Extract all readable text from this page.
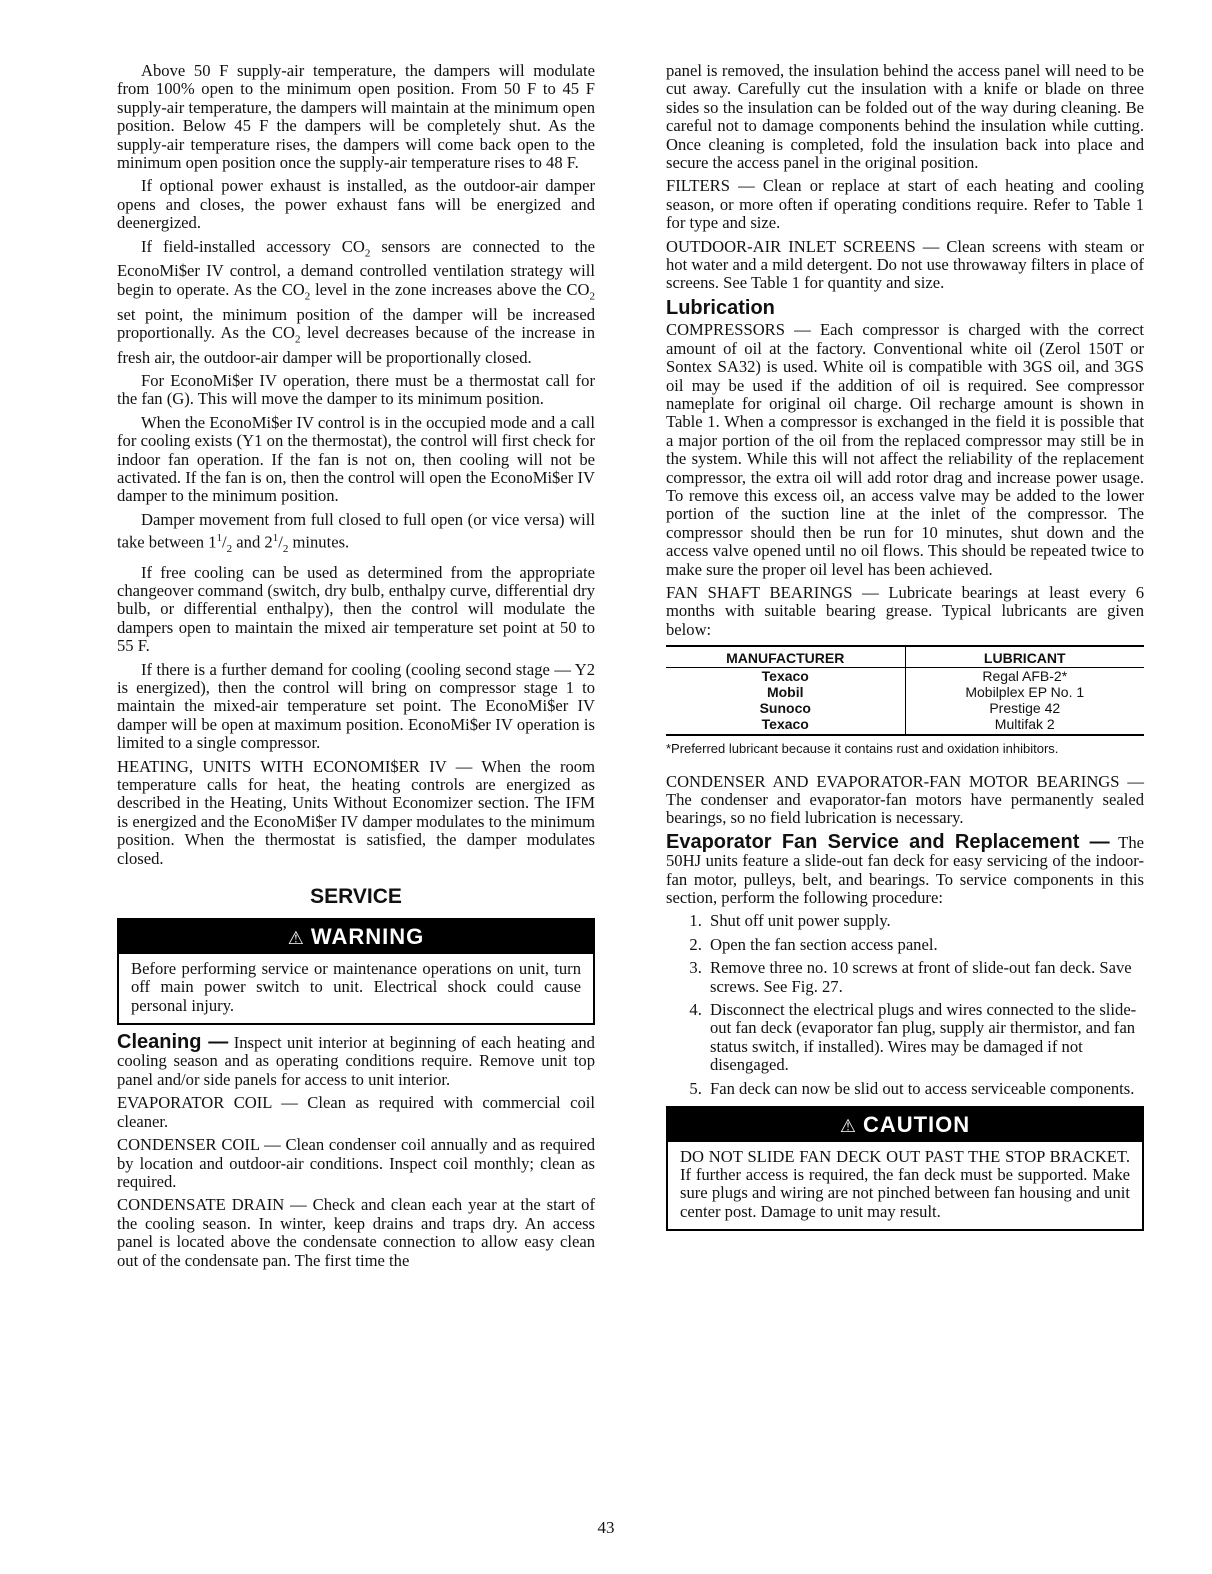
Above 50 F supply-air temperature, the dampers will modulate from 100% open to the minimum open position. From 50 F to 45 F supply-air temperature, the dampers will maintain at the minimum open position. Below 45 F the dampers will be completely shut. As the supply-air temperature rises, the dampers will come back open to the minimum open position once the supply-air temperature rises to 48 F.

If optional power exhaust is installed, as the outdoor-air damper opens and closes, the power exhaust fans will be energized and deenergized.

If field-installed accessory $CO_2$ sensors are connected to the EconoMi$er IV control, a demand controlled ventilation strategy will begin to operate. As the $CO_2$ level in the zone increases above the $CO_2$ set point, the minimum position of the damper will be increased proportionally. As the $CO_2$ level decreases because of the increase in fresh air, the outdoor-air damper will be proportionally closed.

For EconoMi$er IV operation, there must be a thermostat call for the fan (G). This will move the damper to its minimum position.

When the EconoMi$er IV control is in the occupied mode and a call for cooling exists (Y1 on the thermostat), the control will first check for indoor fan operation. If the fan is not on, then cooling will not be activated. If the fan is on, then the control will open the EconoMi$er IV damper to the minimum position.

Damper movement from full closed to full open (or vice versa) will take between $1^1/_2$ and $2^1/_2$ minutes.

If free cooling can be used as determined from the appropriate changeover command (switch, dry bulb, enthalpy curve, differential dry bulb, or differential enthalpy), then the control will modulate the dampers open to maintain the mixed air temperature set point at 50 to 55 F.

If there is a further demand for cooling (cooling second stage — Y2 is energized), then the control will bring on compressor stage 1 to maintain the mixed-air temperature set point. The EconoMi$er IV damper will be open at maximum position. EconoMi$er IV operation is limited to a single compressor.

HEATING, UNITS WITH ECONOMI$ER IV — When the room temperature calls for heat, the heating controls are energized as described in the Heating, Units Without Economizer section. The IFM is energized and the EconoMi$er IV damper modulates to the minimum position. When the thermostat is satisfied, the damper modulates closed.

SERVICE
⚠ WARNING
Before performing service or maintenance operations on unit, turn off main power switch to unit. Electrical shock could cause personal injury.

Cleaning — Inspect unit interior at beginning of each heating and cooling season and as operating conditions require. Remove unit top panel and/or side panels for access to unit interior.

EVAPORATOR COIL — Clean as required with commercial coil cleaner.

CONDENSER COIL — Clean condenser coil annually and as required by location and outdoor-air conditions. Inspect coil monthly; clean as required.

CONDENSATE DRAIN — Check and clean each year at the start of the cooling season. In winter, keep drains and traps dry. An access panel is located above the condensate connection to allow easy clean out of the condensate pan. The first time the

panel is removed, the insulation behind the access panel will need to be cut away. Carefully cut the insulation with a knife or blade on three sides so the insulation can be folded out of the way during cleaning. Be careful not to damage components behind the insulation while cutting. Once cleaning is completed, fold the insulation back into place and secure the access panel in the original position.

FILTERS — Clean or replace at start of each heating and cooling season, or more often if operating conditions require. Refer to Table 1 for type and size.

OUTDOOR-AIR INLET SCREENS — Clean screens with steam or hot water and a mild detergent. Do not use throwaway filters in place of screens. See Table 1 for quantity and size.

Lubrication

COMPRESSORS — Each compressor is charged with the correct amount of oil at the factory. Conventional white oil (Zerol 150T or Sontex SA32) is used. White oil is compatible with 3GS oil, and 3GS oil may be used if the addition of oil is required. See compressor nameplate for original oil charge. Oil recharge amount is shown in Table 1. When a compressor is exchanged in the field it is possible that a major portion of the oil from the replaced compressor may still be in the system. While this will not affect the reliability of the replacement compressor, the extra oil will add rotor drag and increase power usage. To remove this excess oil, an access valve may be added to the lower portion of the suction line at the inlet of the compressor. The compressor should then be run for 10 minutes, shut down and the access valve opened until no oil flows. This should be repeated twice to make sure the proper oil level has been achieved.

FAN SHAFT BEARINGS — Lubricate bearings at least every 6 months with suitable bearing grease. Typical lubricants are given below:

MANUFACTURER	LUBRICANT
Texaco	Regal AFB-2*
Mobil	Mobilplex EP No. 1
Sunoco	Prestige 42
Texaco	Multifak 2
*Preferred lubricant because it contains rust and oxidation inhibitors.

CONDENSER AND EVAPORATOR-FAN MOTOR BEARINGS — The condenser and evaporator-fan motors have permanently sealed bearings, so no field lubrication is necessary.

Evaporator Fan Service and Replacement — The 50HJ units feature a slide-out fan deck for easy servicing of the indoor-fan motor, pulleys, belt, and bearings. To service components in this section, perform the following procedure:

1. Shut off unit power supply.
2. Open the fan section access panel.
3. Remove three no. 10 screws at front of slide-out fan deck. Save screws. See Fig. 27.
4. Disconnect the electrical plugs and wires connected to the slide-out fan deck (evaporator fan plug, supply air thermistor, and fan status switch, if installed). Wires may be damaged if not disengaged.
5. Fan deck can now be slid out to access serviceable components.
⚠ CAUTION
DO NOT SLIDE FAN DECK OUT PAST THE STOP BRACKET. If further access is required, the fan deck must be supported. Make sure plugs and wiring are not pinched between fan housing and unit center post. Damage to unit may result.
43
